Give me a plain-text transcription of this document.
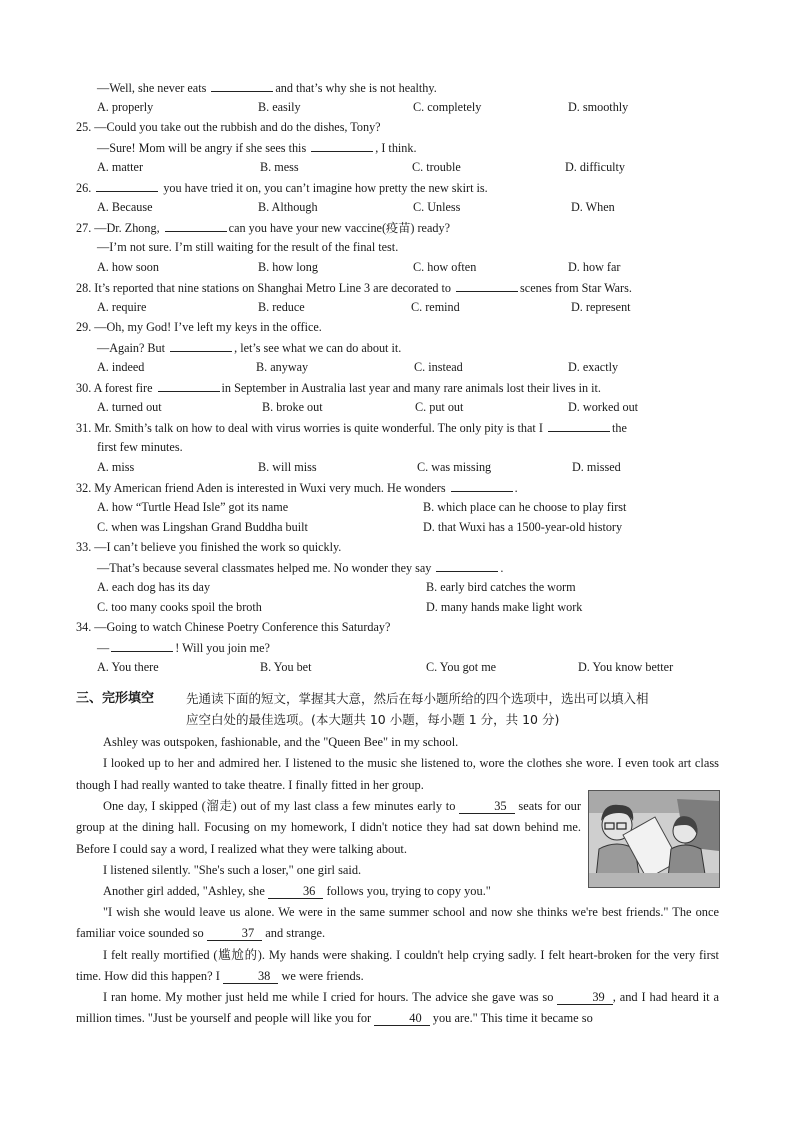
—Well, she never eats	and that’s why she is not healthy.
A. properly	B. easily	C. completely	D. smoothly
25. —Could you take out the rubbish and do the dishes, Tony?
—Sure! Mom will be angry if she sees this	, I think.
A. matter	B. mess	C. trouble	D. difficulty
26.	you have tried it on, you can’t imagine how pretty the new skirt is.
A. Because	B. Although	C. Unless	D. When
27. —Dr. Zhong,	can you have your new vaccine(疫苗) ready?
—I’m not sure. I’m still waiting for the result of the final test.
A. how soon	B. how long	C. how often	D. how far
28. It’s reported that nine stations on Shanghai Metro Line 3 are decorated to	scenes from Star Wars.
A. require	B. reduce	C. remind	D. represent
29. —Oh, my God! I’ve left my keys in the office.
—Again? But	, let’s see what we can do about it.
A. indeed	B. anyway	C. instead	D. exactly
30. A forest fire	in September in Australia last year and many rare animals lost their lives in it.
A. turned out	B. broke out	C. put out	D. worked out
31. Mr. Smith’s talk on how to deal with virus worries is quite wonderful. The only pity is that I	the
first few minutes.
A. miss	B. will miss	C. was missing	D. missed
32. My American friend Aden is interested in Wuxi very much. He wonders	.
A. how “Turtle Head Isle” got its name	B. which place can he choose to play first
C. when was Lingshan Grand Buddha built	D. that Wuxi has a 1500-year-old history
33. —I can’t believe you finished the work so quickly.
—That’s because several classmates helped me. No wonder they say	.
A. each dog has its day	B. early bird catches the worm
C. too many cooks spoil the broth	D. many hands make light work
34. —Going to watch Chinese Poetry Conference this Saturday?
—	! Will you join me?
A. You there	B. You bet	C. You got me	D. You know better
三、完形填空	先通读下面的短文，掌握其大意，然后在每小题所给的四个选项中，选出可以填入相
应空白处的最佳选项。(本大题共 10 小题，每小题 1 分，共 10 分)

Ashley was outspoken, fashionable, and the "Queen Bee" in my school.

I looked up to her and admired her. I listened to the music she listened to, wore the clothes she wore. I even took art class though I had really wanted to take theatre. I finally fitted in her group.

One day, I skipped (溜走) out of my last class a few minutes early to	35 seats for our group at the dining hall. Focusing on my homework, I didn't notice they had sat down behind me. Before I could say a word, I realized what they were talking about.

I listened silently. "She's such a loser," one girl said.

Another girl added, "Ashley, she	36 follows you, trying to copy you."

"I wish she would leave us alone. We were in the same summer school and now she thinks we're best friends." The once familiar voice sounded so	37 and strange.

I felt really mortified (尴尬的). My hands were shaking. I couldn't help crying sadly. I felt heart-broken for the very first time. How did this happen? I	38 we were friends.

I ran home. My mother just held me while I cried for hours. The advice she gave was so	39 , and I had heard it a million times. "Just be yourself and people will like you for	40 you are." This time it became so
